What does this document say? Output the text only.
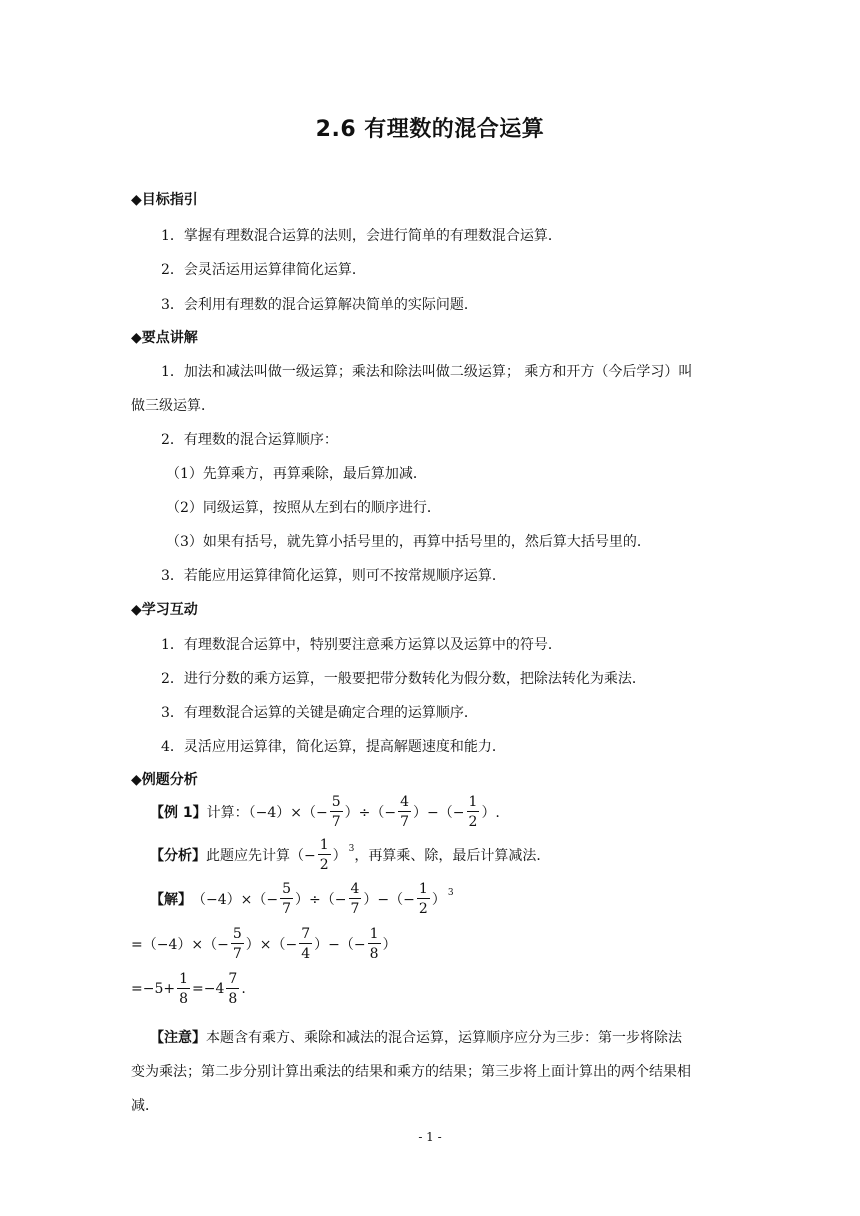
2.6 有理数的混合运算
◆目标指引
1．掌握有理数混合运算的法则，会进行简单的有理数混合运算．
2．会灵活运用运算律简化运算．
3．会利用有理数的混合运算解决简单的实际问题．
◆要点讲解
1．加法和减法叫做一级运算；乘法和除法叫做二级运算； 乘方和开方（今后学习）叫
做三级运算．
2．有理数的混合运算顺序：
（1）先算乘方，再算乘除，最后算加减．
（2）同级运算，按照从左到右的顺序进行．
（3）如果有括号，就先算小括号里的，再算中括号里的，然后算大括号里的．
3．若能应用运算律简化运算，则可不按常规顺序运算．
◆学习互动
1．有理数混合运算中，特别要注意乘方运算以及运算中的符号．
2．进行分数的乘方运算，一般要把带分数转化为假分数，把除法转化为乘法．
3．有理数混合运算的关键是确定合理的运算顺序．
4．灵活应用运算律，简化运算，提高解题速度和能力．
◆例题分析
【例 1】 计算：$(-4)\times(- \frac{5}{7}$ ）÷（− $\frac{4}{7}$ ）−（− $\frac{1}{2}$ ）.
【分析】 此题应先计算（− $\frac{1}{2}$ ） 3 ，再算乘、除，最后计算减法．
【解】 $(-4)\times(- \frac{5}{7}$ ）÷（− $\frac{4}{7}$ ）−（− $\frac{1}{2}$ ） 3
$=(-4)\times(- \frac{5}{7}$ ）×（− $\frac{7}{4}$ ）−（− $\frac{1}{8}$ ）
$=-5+ \frac{1}{8} =-4 \frac{7}{8}$ .
【注意】本题含有乘方、乘除和减法的混合运算，运算顺序应分为三步：第一步将除法
变为乘法；第二步分别计算出乘法的结果和乘方的结果；第三步将上面计算出的两个结果相
减．
- 1 -
